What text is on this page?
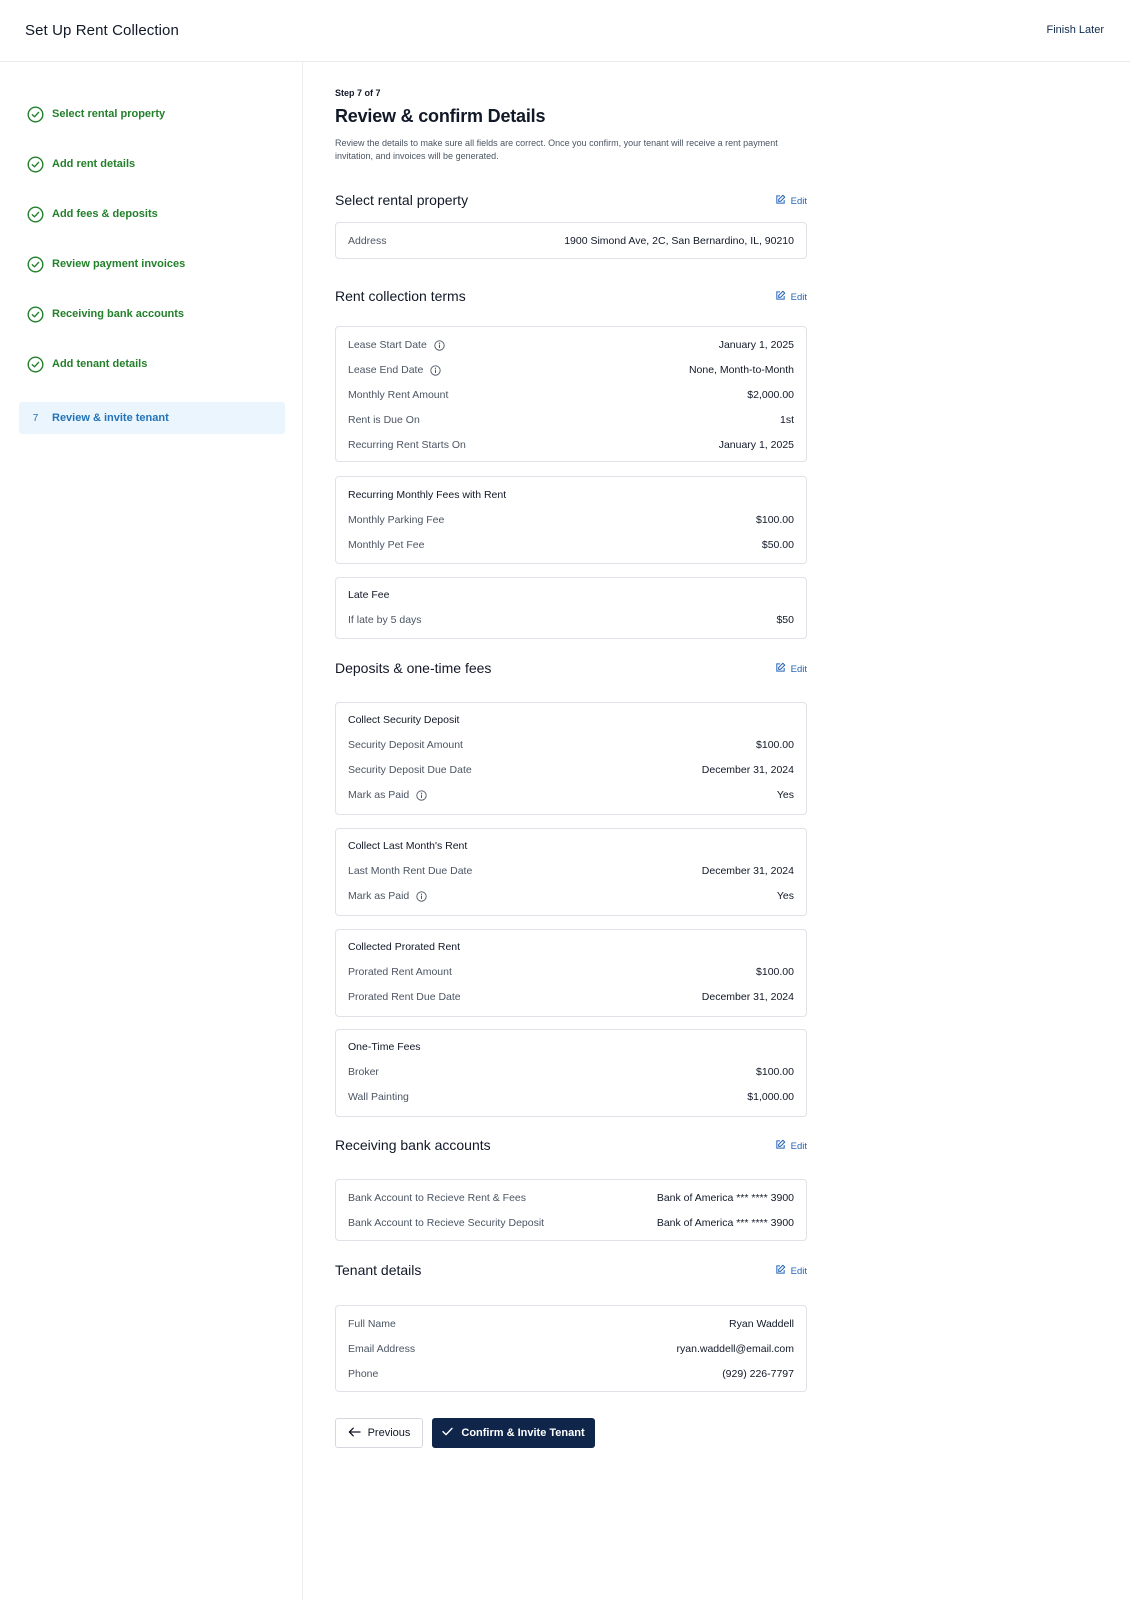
Set Up Rent Collection	Finish Later
Select rental property
Add rent details
Add fees & deposits
Review payment invoices
Receiving bank accounts
Add tenant details
7	Review & invite tenant
Step 7 of 7
Review & confirm Details
Review the details to make sure all fields are correct. Once you confirm, your tenant will receive a rent payment invitation, and invoices will be generated.
Select rental property	Edit
Address	1900 Simond Ave, 2C, San Bernardino, IL, 90210
Rent collection terms	Edit
Lease Start Date	January 1, 2025
Lease End Date	None, Month-to-Month
Monthly Rent Amount	$2,000.00
Rent is Due On	1st
Recurring Rent Starts On	January 1, 2025
Recurring Monthly Fees with Rent
Monthly Parking Fee	$100.00
Monthly Pet Fee	$50.00
Late Fee
If late by 5 days	$50
Deposits & one-time fees	Edit
Collect Security Deposit
Security Deposit Amount	$100.00
Security Deposit Due Date	December 31, 2024
Mark as Paid	Yes
Collect Last Month's Rent
Last Month Rent Due Date	December 31, 2024
Mark as Paid	Yes
Collected Prorated Rent
Prorated Rent Amount	$100.00
Prorated Rent Due Date	December 31, 2024
One-Time Fees
Broker	$100.00
Wall Painting	$1,000.00
Receiving bank accounts	Edit
Bank Account to Recieve Rent & Fees	Bank of America *** **** 3900
Bank Account to Recieve Security Deposit	Bank of America *** **** 3900
Tenant details	Edit
Full Name	Ryan Waddell
Email Address	ryan.waddell@email.com
Phone	(929) 226-7797
Previous	Confirm & Invite Tenant
